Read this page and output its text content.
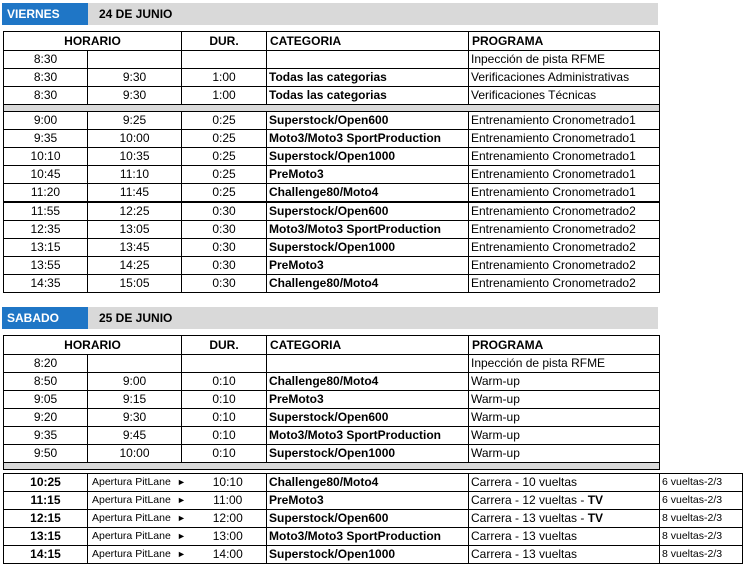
VIERNES	24 DE JUNIO
HORARIO		DUR.	CATEGORIA	PROGRAMA
8:30				Inpección de pista RFME
8:30	9:30	1:00	Todas las categorias	Verificaciones Administrativas
8:30	9:30	1:00	Todas las categorias	Verificaciones Técnicas

9:00	9:25	0:25	Superstock/Open600	Entrenamiento Cronometrado1
9:35	10:00	0:25	Moto3/Moto3 SportProduction	Entrenamiento Cronometrado1
10:10	10:35	0:25	Superstock/Open1000	Entrenamiento Cronometrado1
10:45	11:10	0:25	PreMoto3	Entrenamiento Cronometrado1
11:20	11:45	0:25	Challenge80/Moto4	Entrenamiento Cronometrado1
11:55	12:25	0:30	Superstock/Open600	Entrenamiento Cronometrado2
12:35	13:05	0:30	Moto3/Moto3 SportProduction	Entrenamiento Cronometrado2
13:15	13:45	0:30	Superstock/Open1000	Entrenamiento Cronometrado2
13:55	14:25	0:30	PreMoto3	Entrenamiento Cronometrado2
14:35	15:05	0:30	Challenge80/Moto4	Entrenamiento Cronometrado2
SABADO	25 DE JUNIO
HORARIO		DUR.	CATEGORIA	PROGRAMA
8:20				Inpección de pista RFME
8:50	9:00	0:10	Challenge80/Moto4	Warm-up
9:05	9:15	0:10	PreMoto3	Warm-up
9:20	9:30	0:10	Superstock/Open600	Warm-up
9:35	9:45	0:10	Moto3/Moto3 SportProduction	Warm-up
9:50	10:00	0:10	Superstock/Open1000	Warm-up

10:25	Apertura PitLane	►	10:10	Challenge80/Moto4	Carrera - 10 vueltas	6 vueltas-2/3
11:15	Apertura PitLane	►	11:00	PreMoto3	Carrera - 12 vueltas - TV	6 vueltas-2/3
12:15	Apertura PitLane	►	12:00	Superstock/Open600	Carrera - 13 vueltas - TV	8 vueltas-2/3
13:15	Apertura PitLane	►	13:00	Moto3/Moto3 SportProduction	Carrera - 13 vueltas	8 vueltas-2/3
14:15	Apertura PitLane	►	14:00	Superstock/Open1000	Carrera - 13 vueltas	8 vueltas-2/3
